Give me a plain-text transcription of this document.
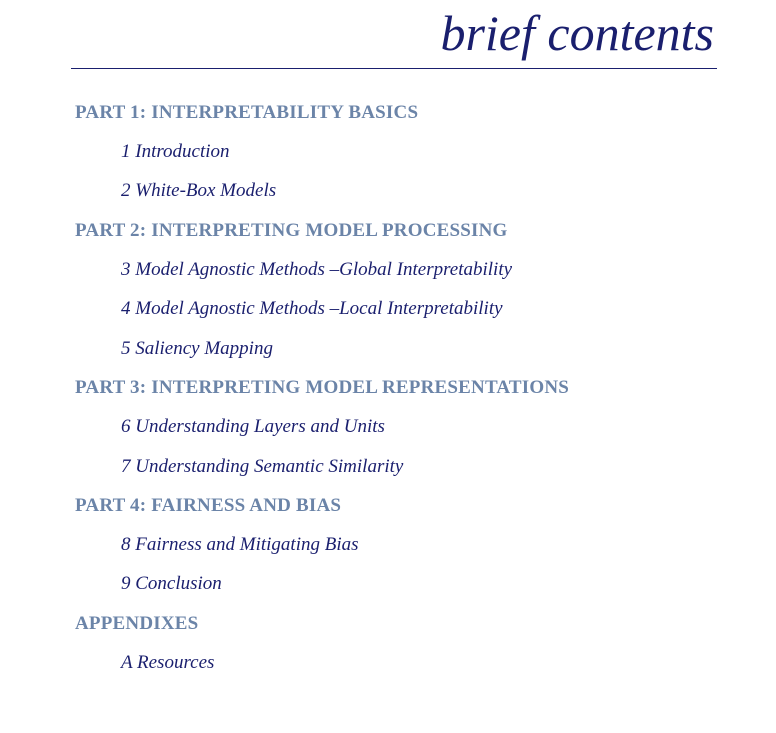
brief contents
PART 1: INTERPRETABILITY BASICS
1 Introduction
2 White-Box Models
PART 2: INTERPRETING MODEL PROCESSING
3 Model Agnostic Methods –Global Interpretability
4 Model Agnostic Methods –Local Interpretability
5 Saliency Mapping
PART 3: INTERPRETING MODEL REPRESENTATIONS
6 Understanding Layers and Units
7 Understanding Semantic Similarity
PART 4: FAIRNESS AND BIAS
8 Fairness and Mitigating Bias
9 Conclusion
APPENDIXES
A Resources
